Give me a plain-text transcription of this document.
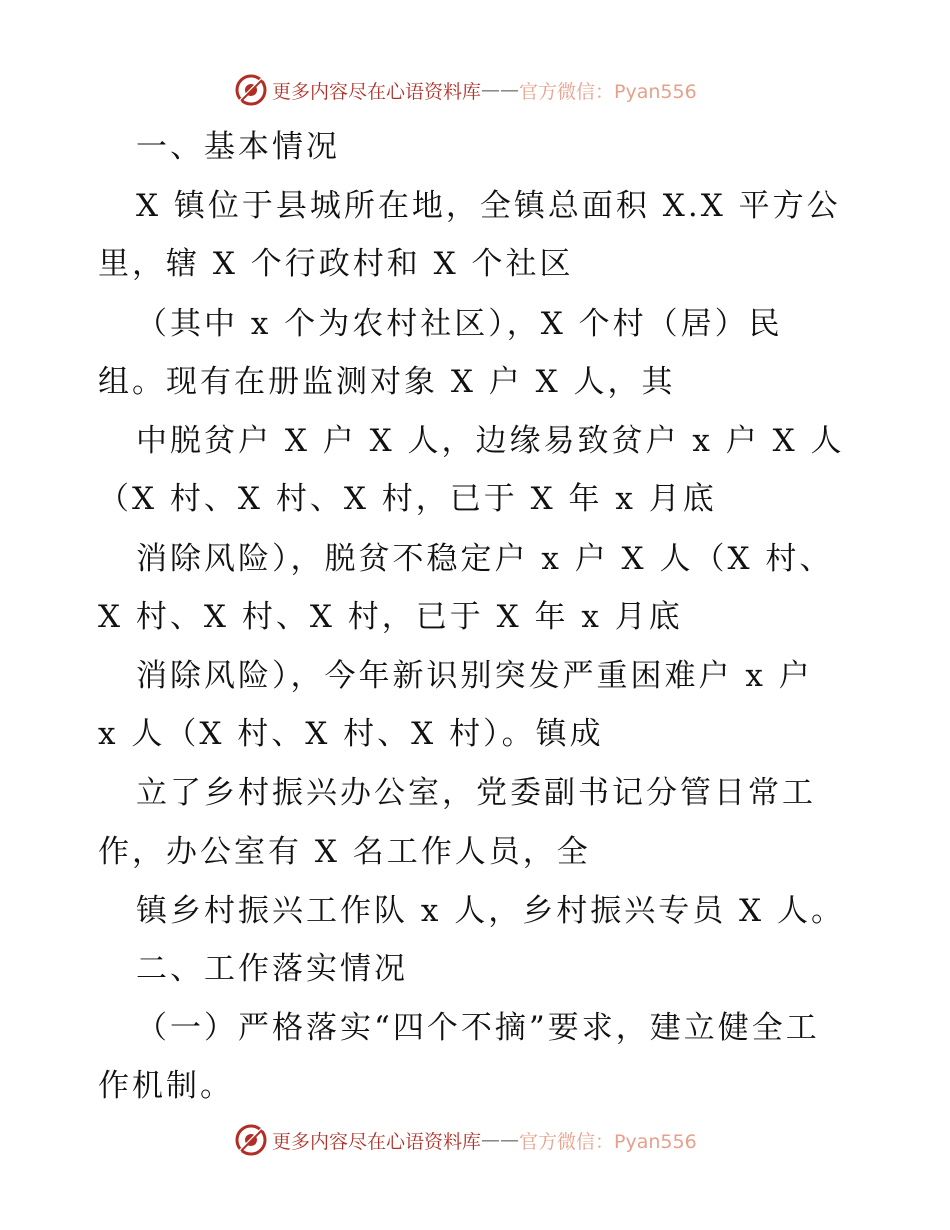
更多内容尽在心语资料库 —— 官方微信：Pyan556
一、基本情况
X 镇位于县城所在地，全镇总面积 X.X 平方公
里，辖 X 个行政村和 X 个社区
（其中 x 个为农村社区），X 个村（居）民
组。现有在册监测对象 X 户 X 人，其
中脱贫户 X 户 X 人，边缘易致贫户 x 户 X 人
（X 村、X 村、X 村，已于 X 年 x 月底
消除风险），脱贫不稳定户 x 户 X 人（X 村、
X 村、X 村、X 村，已于 X 年 x 月底
消除风险），今年新识别突发严重困难户 x 户
x 人（X 村、X 村、X 村）。镇成
立了乡村振兴办公室，党委副书记分管日常工
作，办公室有 X 名工作人员，全
镇乡村振兴工作队 x 人，乡村振兴专员 X 人。
二、工作落实情况
（一）严格落实“四个不摘”要求，建立健全工
作机制。
更多内容尽在心语资料库 —— 官方微信：Pyan556
